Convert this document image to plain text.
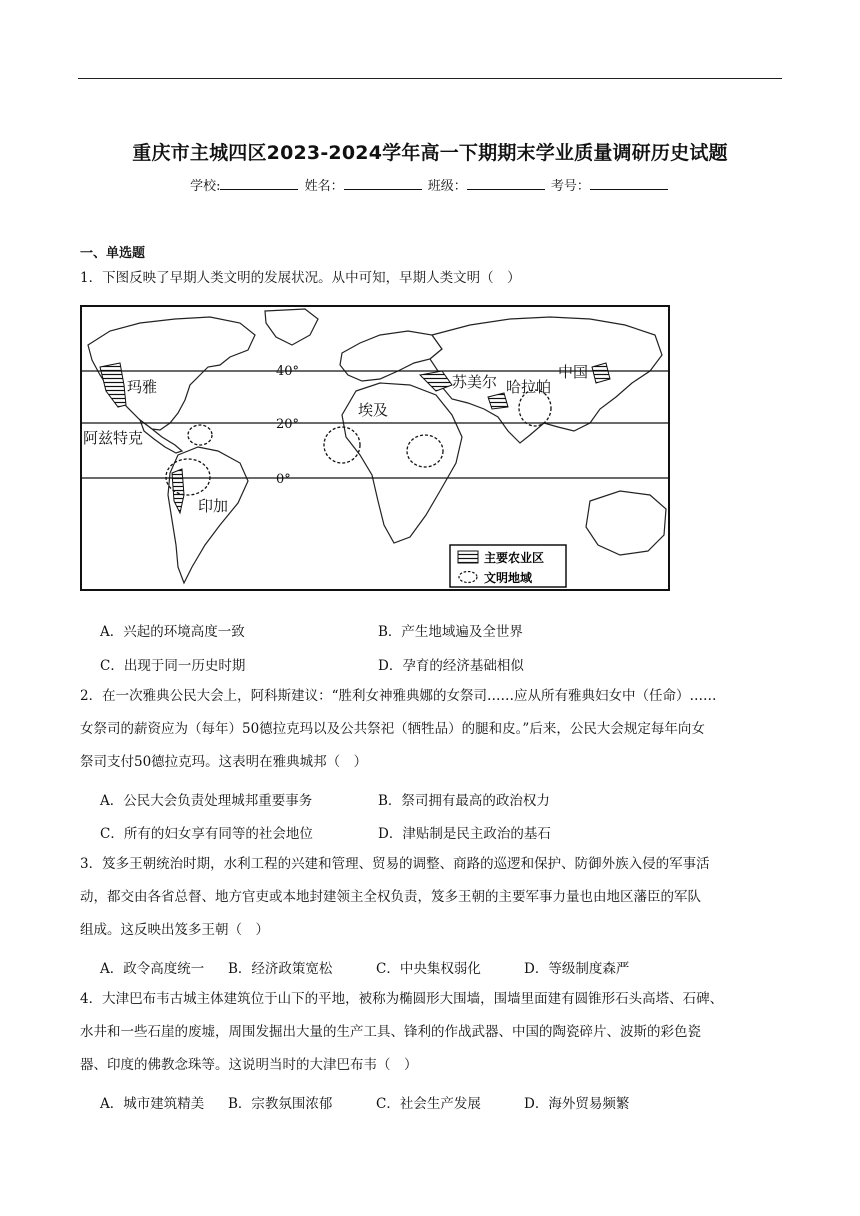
重庆市主城四区2023-2024学年高一下期期末学业质量调研历史试题
学校:	姓名：	班级：	考号：
一、单选题
1．下图反映了早期人类文明的发展状况。从中可知，早期人类文明（　）
40°
20°
0°
玛雅
阿兹特克
印加
埃及
苏美尔 哈拉帕
中国
主要农业区
文明地域
A．兴起的环境高度一致	B．产生地域遍及全世界
C．出现于同一历史时期	D．孕育的经济基础相似
2．在一次雅典公民大会上，阿科斯建议：“胜利女神雅典娜的女祭司……应从所有雅典妇女中（任命）……
女祭司的薪资应为（每年）50德拉克玛以及公共祭祀（牺牲品）的腿和皮。”后来，公民大会规定每年向女
祭司支付50德拉克玛。这表明在雅典城邦（　）
A．公民大会负责处理城邦重要事务	B．祭司拥有最高的政治权力
C．所有的妇女享有同等的社会地位	D．津贴制是民主政治的基石
3．笈多王朝统治时期，水利工程的兴建和管理、贸易的调整、商路的巡逻和保护、防御外族入侵的军事活
动，都交由各省总督、地方官吏或本地封建领主全权负责，笈多王朝的主要军事力量也由地区藩臣的军队
组成。这反映出笈多王朝（　）
A．政令高度统一 B．经济政策宽松	C．中央集权弱化	D．等级制度森严
4．大津巴布韦古城主体建筑位于山下的平地，被称为椭圆形大围墙，围墙里面建有圆锥形石头高塔、石碑、
水井和一些石崖的废墟，周围发掘出大量的生产工具、锋利的作战武器、中国的陶瓷碎片、波斯的彩色瓷
器、印度的佛教念珠等。这说明当时的大津巴布韦（　）
A．城市建筑精美 B．宗教氛围浓郁	C．社会生产发展	D．海外贸易频繁
